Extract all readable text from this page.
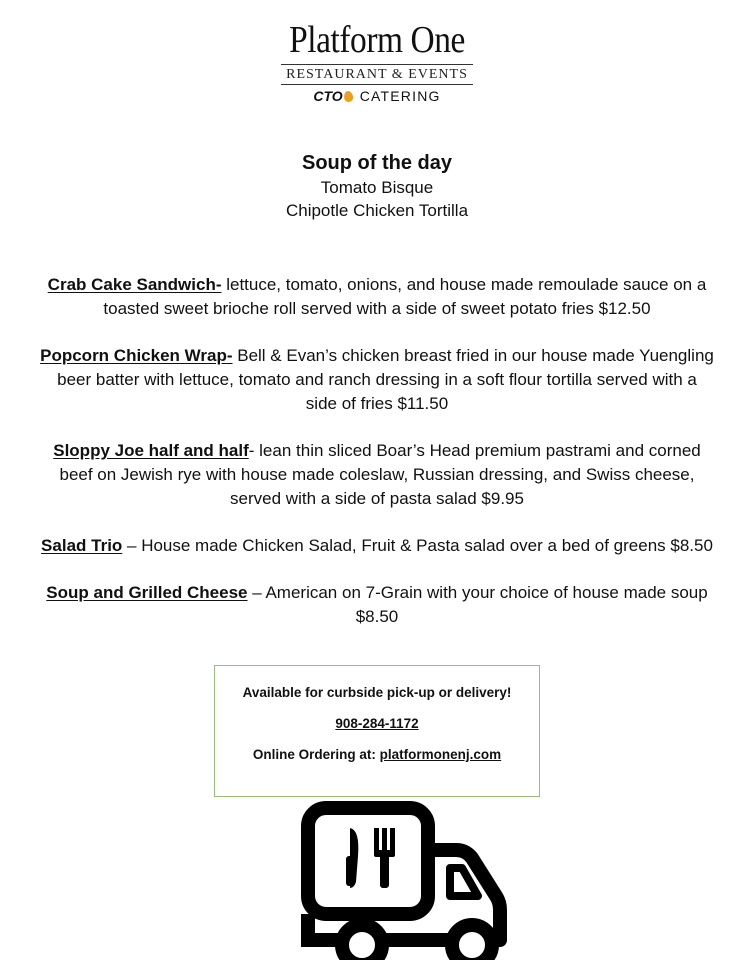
Platform One
RESTAURANT & EVENTS
CTO CATERING

Soup of the day

Tomato Bisque
Chipotle Chicken Tortilla

Crab Cake Sandwich- lettuce, tomato, onions, and house made remoulade sauce on a toasted sweet brioche roll served with a side of sweet potato fries $12.50

Popcorn Chicken Wrap- Bell & Evan’s chicken breast fried in our house made Yuengling beer batter with lettuce, tomato and ranch dressing in a soft flour tortilla served with a side of fries $11.50

Sloppy Joe half and half- lean thin sliced Boar’s Head premium pastrami and corned beef on Jewish rye with house made coleslaw, Russian dressing, and Swiss cheese, served with a side of pasta salad $9.95

Salad Trio – House made Chicken Salad, Fruit & Pasta salad over a bed of greens $8.50

Soup and Grilled Cheese – American on 7-Grain with your choice of house made soup $8.50

Available for curbside pick-up or delivery!
908-284-1172
Online Ordering at: platformonenj.com
